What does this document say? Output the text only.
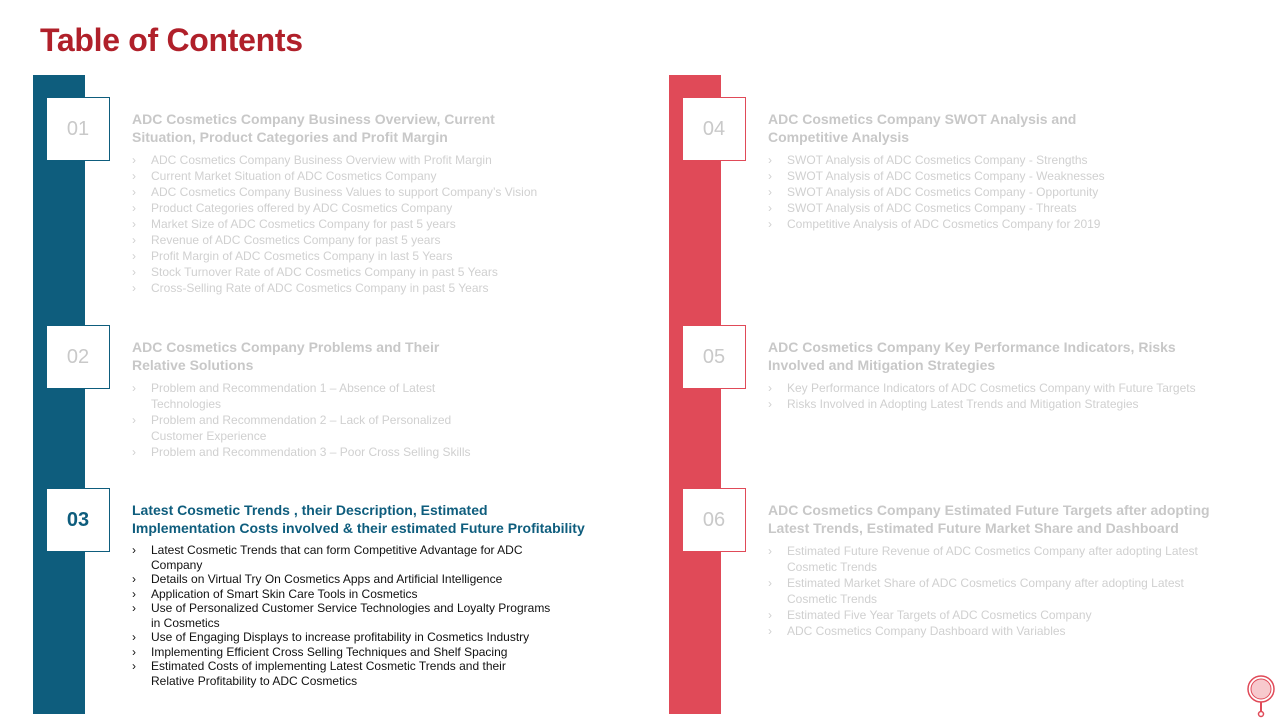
Table of Contents
01
02
03
04
05
06
ADC Cosmetics Company Business Overview, Current
Situation, Product Categories and Profit Margin
› ADC Cosmetics Company Business Overview with Profit Margin
› Current Market Situation of ADC Cosmetics Company
› ADC Cosmetics Company Business Values to support Company’s Vision
› Product Categories offered by ADC Cosmetics Company
› Market Size of ADC Cosmetics Company for past 5 years
› Revenue of ADC Cosmetics Company for past 5 years
› Profit Margin of ADC Cosmetics Company in last 5 Years
› Stock Turnover Rate of ADC Cosmetics Company in past 5 Years
› Cross-Selling Rate of ADC Cosmetics Company in past 5 Years
ADC Cosmetics Company Problems and Their
Relative Solutions
› Problem and Recommendation 1 – Absence of Latest Technologies
› Problem and Recommendation 2 – Lack of Personalized Customer Experience
› Problem and Recommendation 3 – Poor Cross Selling Skills
Latest Cosmetic Trends , their Description, Estimated
Implementation Costs involved & their estimated Future Profitability
› Latest Cosmetic Trends that can form Competitive Advantage for ADC Company
› Details on Virtual Try On Cosmetics Apps and Artificial Intelligence
› Application of Smart Skin Care Tools in Cosmetics
› Use of Personalized Customer Service Technologies and Loyalty Programs in Cosmetics
› Use of Engaging Displays to increase profitability in Cosmetics Industry
› Implementing Efficient Cross Selling Techniques and Shelf Spacing
› Estimated Costs of implementing Latest Cosmetic Trends and their Relative Profitability to ADC Cosmetics
ADC Cosmetics Company SWOT Analysis and
Competitive Analysis
› SWOT Analysis of ADC Cosmetics Company - Strengths
› SWOT Analysis of ADC Cosmetics Company - Weaknesses
› SWOT Analysis of ADC Cosmetics Company - Opportunity
› SWOT Analysis of ADC Cosmetics Company - Threats
› Competitive Analysis of ADC Cosmetics Company for 2019
ADC Cosmetics Company Key Performance Indicators, Risks
Involved and Mitigation Strategies
› Key Performance Indicators of ADC Cosmetics Company with Future Targets
› Risks Involved in Adopting Latest Trends and Mitigation Strategies
ADC Cosmetics Company Estimated Future Targets after adopting
Latest Trends, Estimated Future Market Share and Dashboard
› Estimated Future Revenue of ADC Cosmetics Company after adopting Latest Cosmetic Trends
› Estimated Market Share of ADC Cosmetics Company after adopting Latest Cosmetic Trends
› Estimated Five Year Targets of ADC Cosmetics Company
› ADC Cosmetics Company Dashboard with Variables
